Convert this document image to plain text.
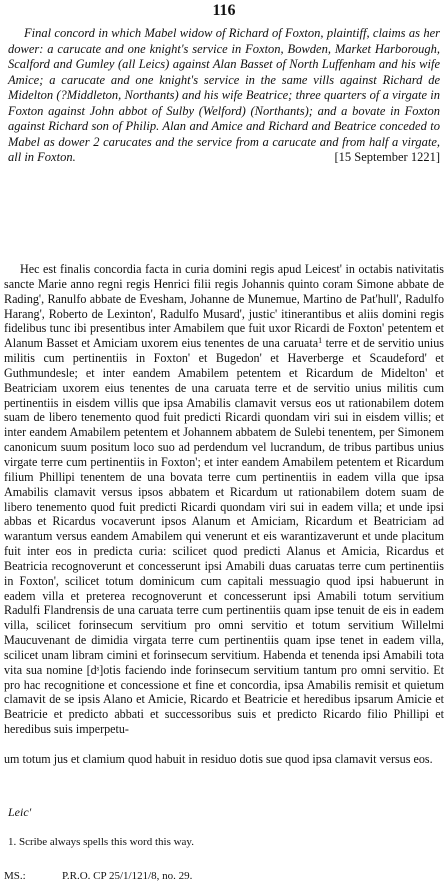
116
Final concord in which Mabel widow of Richard of Foxton, plaintiff, claims as her dower: a carucate and one knight's service in Foxton, Bowden, Market Harborough, Scalford and Gumley (all Leics) against Alan Basset of North Luffenham and his wife Amice; a carucate and one knight's service in the same vills against Richard de Midelton (?Middleton, Northants) and his wife Beatrice; three quarters of a virgate in Foxton against John abbot of Sulby (Welford) (Northants); and a bovate in Foxton against Richard son of Philip. Alan and Amice and Richard and Beatrice conceded to Mabel as dower 2 carucates and the service from a carucate and from half a virgate, all in Foxton.	[15 September 1221]
Hec est finalis concordia facta in curia domini regis apud Leicest' in octabis nativitatis sancte Marie anno regni regis Henrici filii regis Johannis quinto coram Simone abbate de Rading', Ranulfo abbate de Evesham, Johanne de Munemue, Martino de Pat'hull', Radulfo Harang', Roberto de Lexinton', Radulfo Musard', justic' itinerantibus et aliis domini regis fidelibus tunc ibi presentibus inter Amabilem que fuit uxor Ricardi de Foxton' petentem et Alanum Basset et Amiciam uxorem eius tenentes de una caruata$^1$ terre et de servitio unius militis cum pertinentiis in Foxton' et Bugedon' et Haverberge et Scaudeford' et Guthmundesle; et inter eandem Amabilem petentem et Ricardum de Midelton' et Beatriciam uxorem eius tenentes de una caruata terre et de servitio unius militis cum pertinentiis in eisdem villis que ipsa Amabilis clamavit versus eos ut rationabilem dotem suam de libero tenemento quod fuit predicti Ricardi quondam viri sui in eisdem villis; et inter eandem Amabilem petentem et Johannem abbatem de Sulebi tenentem, per Simonem canonicum suum positum loco suo ad perdendum vel lucrandum, de tribus partibus unius virgate terre cum pertinentiis in Foxton'; et inter eandem Amabilem petentem et Ricardum filium Phillipi tenentem de una bovata terre cum pertinentiis in eadem villa que ipsa Amabilis clamavit versus ipsos abbatem et Ricardum ut rationabilem dotem suam de libero tenemento quod fuit predicti Ricardi quondam viri sui in eadem villa; et unde ipsi abbas et Ricardus vocaverunt ipsos Alanum et Amiciam, Ricardum et Beatriciam ad warantum versus eandem Amabilem qui venerunt et eis warantizaverunt et unde placitum fuit inter eos in predicta curia: scilicet quod predicti Alanus et Amicia, Ricardus et Beatricia recognoverunt et concesserunt ipsi Amabili duas caruatas terre cum pertinentiis in Foxton', scilicet totum dominicum cum capitali messuagio quod ipsi habuerunt in eadem villa et preterea recognoverunt et concesserunt ipsi Amabili totum servitium Radulfi Flandrensis de una caruata terre cum pertinentiis quam ipse tenuit de eis in eadem villa, scilicet forinsecum servitium pro omni servitio et totum servitium Willelmi Maucuvenant de dimidia virgata terre cum pertinentiis quam ipse tenet in eadem villa, scilicet unam libram cimini et forinsecum servitium. Habenda et tenenda ipsi Amabili tota vita sua nomine [dˢ]otis faciendo inde forinsecum servitium tantum pro omni servitio. Et pro hac recognitione et concessione et fine et concordia, ipsa Amabilis remisit et quietum clamavit de se ipsis Alano et Amicie, Ricardo et Beatricie et heredibus ipsarum Amicie et Beatricie et predicto abbati et successoribus suis et predicto Ricardo filio Phillipi et heredibus suis imperpetu-
um totum jus et clamium quod habuit in residuo dotis sue quod ipsa clamavit versus eos.
Leic'
1. Scribe always spells this word this way.
MS.:	P.R.O. CP 25/1/121/8, no. 29.
